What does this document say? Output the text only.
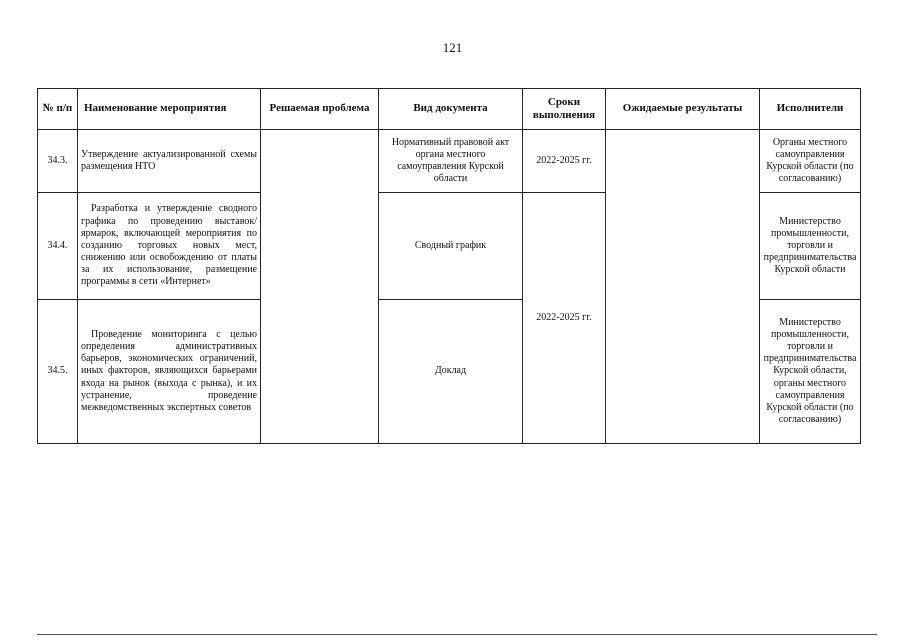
121
№ п/п	Наименование мероприятия	Решаемая проблема	Вид документа	Сроки выполнения	Ожидаемые результаты	Исполнители
34.3.	Утверждение актуализированной схемы размещения НТО		Нормативный правовой акт органа местного самоуправления Курской области	2022-2025 гг.		Органы местного самоуправления Курской области (по согласованию)
34.4.	Разработка и утверждение сводного графика по проведению выставок/ярмарок, включающей мероприятия по созданию торговых новых мест, снижению или освобождению от платы за их использование, размещение программы в сети «Интернет»		Сводный график	2022-2025 гг.		Министерство промышленности, торговли и предпринимательства Курской области
34.5.	Проведение мониторинга с целью определения административных барьеров, экономических ограничений, иных факторов, являющихся барьерами входа на рынок (выхода с рынка), и их устранение, проведение межведомственных экспертных советов		Доклад			Министерство промышленности, торговли и предпринимательства Курской области, органы местного самоуправления Курской области (по согласованию)
